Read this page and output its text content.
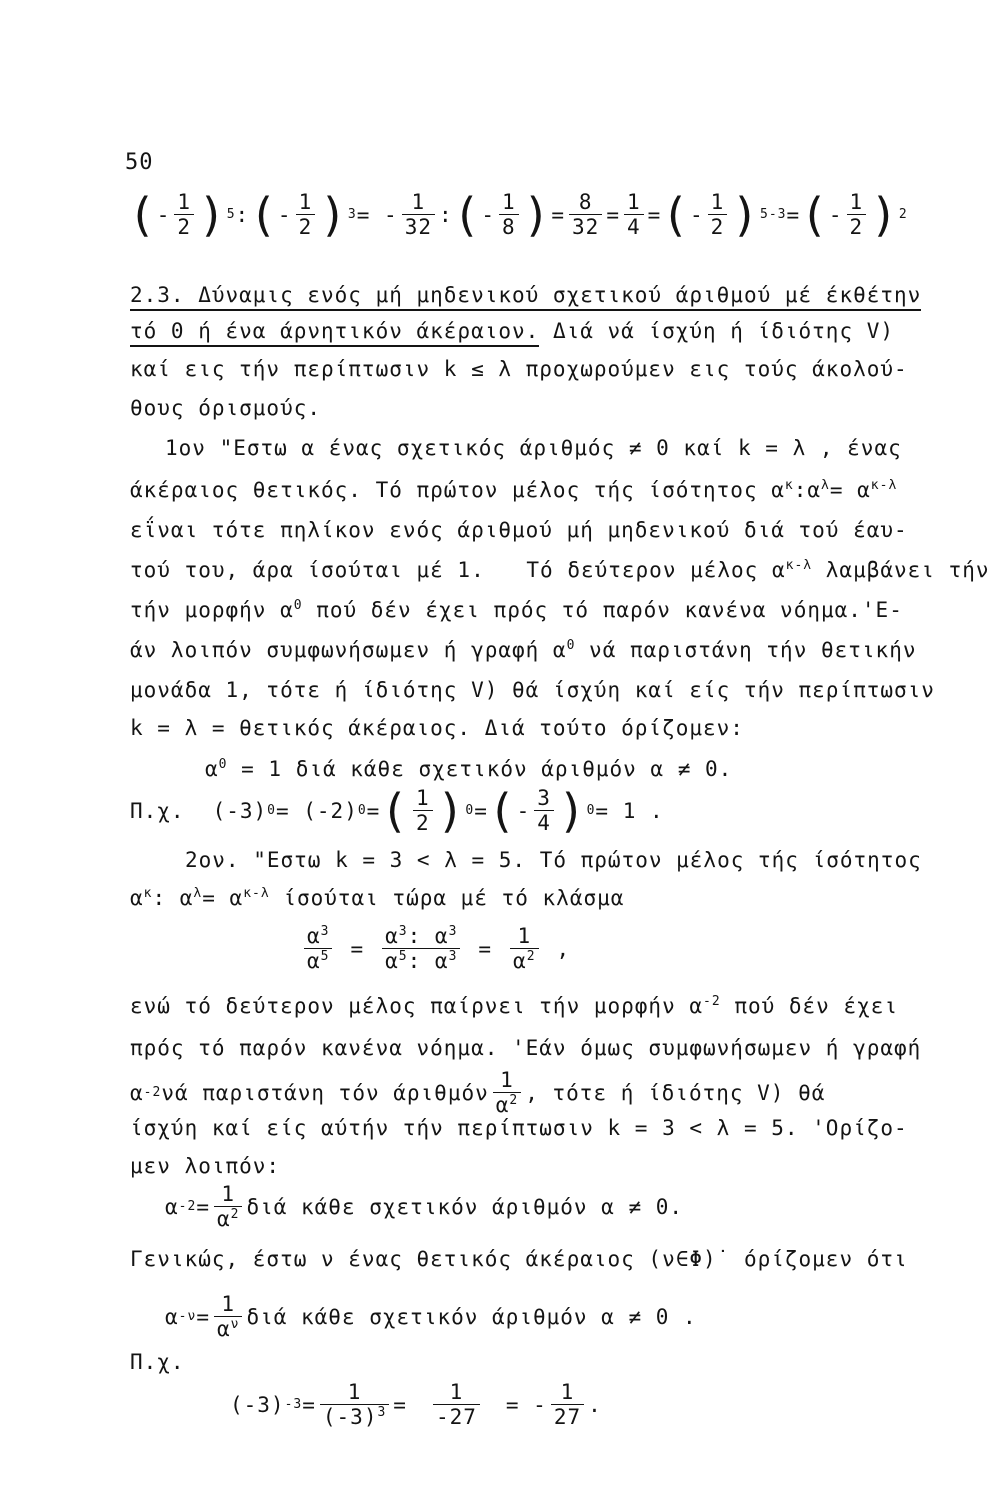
50
( - $\frac{1}{2}$ ) 5 : ( - $\frac{1}{2}$ ) 3 = - $\frac{1}{32}$ : ( - $\frac{1}{8}$ ) = $\frac{8}{32} = \frac{1}{4}$ = ( - $\frac{1}{2}$ ) 5-3 = ( - $\frac{1}{2}$ ) 2
2.3. Δύναμις ενός μή μηδενικού σχετικού άριθμού μέ έκθέτην
τό 0 ή ένα άρνητικόν άκέραιον. Διά νά ίσχύη ή ίδιότης V)
καί εις τήν περίπτωσιν k ≤ λ προχωρούμεν εις τούς άκολού-
θους όρισμούς.
1ον "Εστω α ένας σχετικός άριθμός ≠ 0 καί k = λ , ένας
άκέραιος θετικός. Τό πρώτον μέλος τής ίσότητος $\alpha^\kappa:\alpha^\lambda= \alpha^{\kappa-\lambda}$
εΐναι τότε πηλίκον ενός άριθμού μή μηδενικού διά τού έαυ-
τού του, άρα ίσούται μέ 1. Τό δεύτερον μέλος $\alpha^{\kappa-\lambda}$ λαμβάνει τήν
τήν μορφήν $\alpha^0$ πού δέν έχει πρός τό παρόν κανένα νόημα.'Ε-
άν λοιπόν συμφωνήσωμεν ή γραφή $\alpha^0$ νά παριστάνη τήν θετικήν
μονάδα 1, τότε ή ίδιότης V) θά ίσχύη καί είς τήν περίπτωσιν
k = λ = θετικός άκέραιος. Διά τούτο όρίζομεν:
$\alpha^0 = 1$ διά κάθε σχετικόν άριθμόν α ≠ 0.
Π.χ. (-3) 0 = (-2) 0 = ( $\frac{1}{2}$ ) 0 = ( - $\frac{3}{4}$ ) 0 = 1 .
2ον. "Εστω k = 3 < λ = 5. Τό πρώτον μέλος τής ίσότητος
$\alpha^\kappa$: $\alpha^\lambda= \alpha^{\kappa-\lambda}$ ίσούται τώρα μέ τό κλάσμα
$\frac{\alpha^3}{\alpha^5} = \frac{\alpha^3: \alpha^3}{\alpha^5: \alpha^3} = \frac{1}{\alpha^2}$ ,
ενώ τό δεύτερον μέλος παίρνει τήν μορφήν $\alpha^{-2}$ πού δέν έχει
πρός τό παρόν κανένα νόημα. 'Εάν όμως συμφωνήσωμεν ή γραφή
α -2 νά παριστάνη τόν άριθμόν $\frac{1}{\alpha^2}$ , τότε ή ίδιότης V) θά
ίσχύη καί είς αύτήν τήν περίπτωσιν k = 3 < λ = 5. 'Ορίζο-
μεν λοιπόν:
α $-2 = \frac{1}{\alpha^2}$ διά κάθε σχετικόν άριθμόν α ≠ 0.
Γενικώς, έστω ν ένας θετικός άκέραιος (ν∈Φ)˙ όρίζομεν ότι
α $-\nu = \frac{1}{\alpha^\nu}$ διά κάθε σχετικόν άριθμόν α ≠ 0 .
Π.χ.
(-3) $-3 = \frac{1}{(-3)^3} = \frac{1}{-27}$ = - $\frac{1}{27}$ .
